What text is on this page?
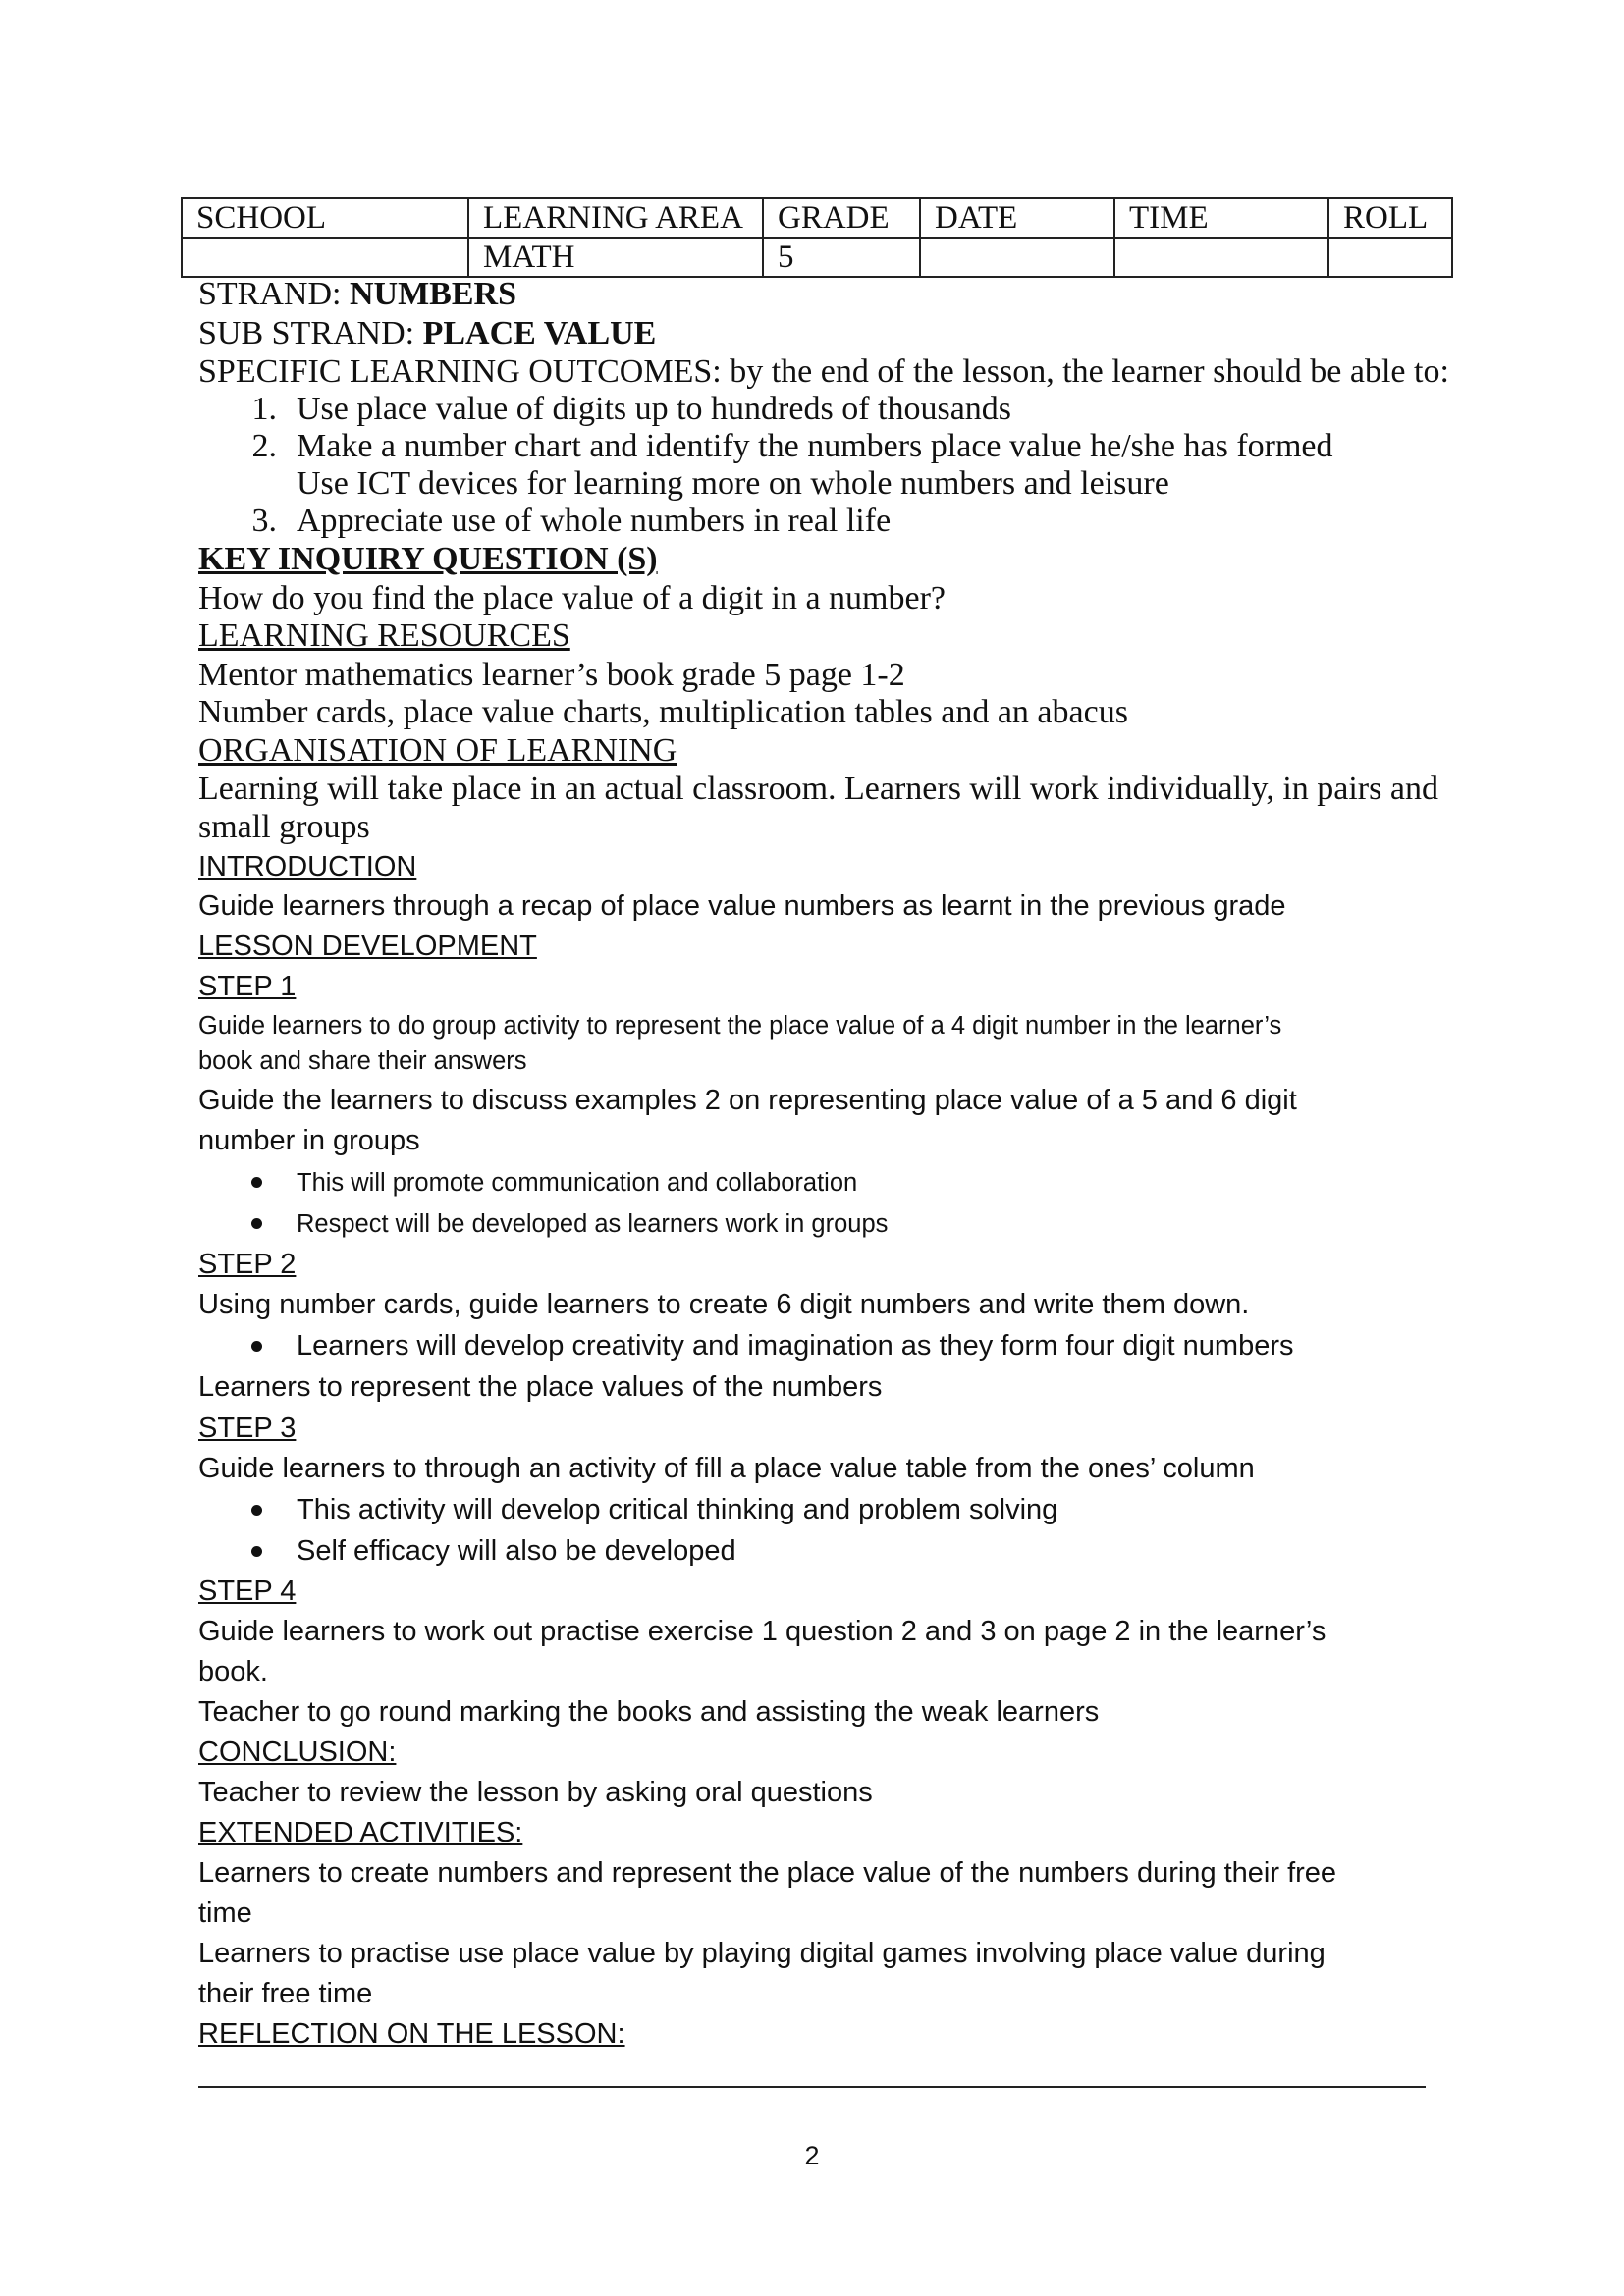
SCHOOL	LEARNING AREA	GRADE	DATE	TIME	ROLL
	MATH	5			
STRAND: NUMBERS
SUB STRAND: PLACE VALUE
SPECIFIC LEARNING OUTCOMES: by the end of the lesson, the learner should be able to:
1. Use place value of digits up to hundreds of thousands
2. Make a number chart and identify the numbers place value he/she has formed
Use ICT devices for learning more on whole numbers and leisure
3. Appreciate use of whole numbers in real life
KEY INQUIRY QUESTION (S)
How do you find the place value of a digit in a number?
LEARNING RESOURCES
Mentor mathematics learner’s book grade 5 page 1-2
Number cards, place value charts, multiplication tables and an abacus
ORGANISATION OF LEARNING
Learning will take place in an actual classroom. Learners will work individually, in pairs and
small groups
INTRODUCTION
Guide learners through a recap of place value numbers as learnt in the previous grade
LESSON DEVELOPMENT
STEP 1
Guide learners to do group activity to represent the place value of a 4 digit number in the learner’s
book and share their answers
Guide the learners to discuss examples 2 on representing place value of a 5 and 6 digit
number in groups
This will promote communication and collaboration
Respect will be developed as learners work in groups
STEP 2
Using number cards, guide learners to create 6 digit numbers and write them down.
Learners will develop creativity and imagination as they form four digit numbers
Learners to represent the place values of the numbers
STEP 3
Guide learners to through an activity of fill a place value table from the ones’ column
This activity will develop critical thinking and problem solving
Self efficacy will also be developed
STEP 4
Guide learners to work out practise exercise 1 question 2 and 3 on page 2 in the learner’s
book.
Teacher to go round marking the books and assisting the weak learners
CONCLUSION:
Teacher to review the lesson by asking oral questions
EXTENDED ACTIVITIES:
Learners to create numbers and represent the place value of the numbers during their free
time
Learners to practise use place value by playing digital games involving place value during
their free time
REFLECTION ON THE LESSON:
2
